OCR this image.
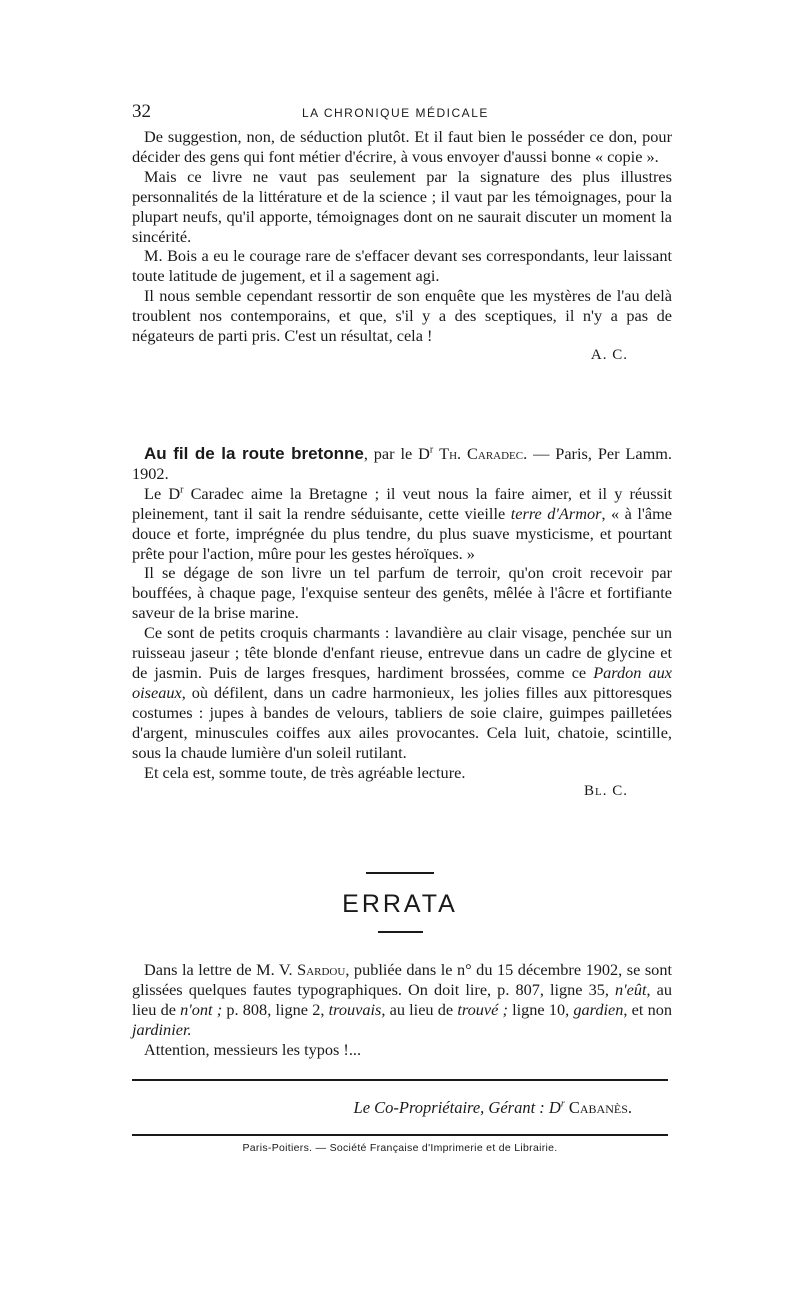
32	LA CHRONIQUE MÉDICALE

De suggestion, non, de séduction plutôt. Et il faut bien le posséder ce don, pour décider des gens qui font métier d'écrire, à vous envoyer d'aussi bonne « copie ».

Mais ce livre ne vaut pas seulement par la signature des plus illustres personnalités de la littérature et de la science ; il vaut par les témoignages, pour la plupart neufs, qu'il apporte, témoignages dont on ne saurait discuter un moment la sincérité.

M. Bois a eu le courage rare de s'effacer devant ses correspondants, leur laissant toute latitude de jugement, et il a sagement agi.

Il nous semble cependant ressortir de son enquête que les mystères de l'au delà troublent nos contemporains, et que, s'il y a des sceptiques, il n'y a pas de négateurs de parti pris. C'est un résultat, cela !

A. C.

Au fil de la route bretonne, par le $D^r$ Th. Caradec. — Paris, Per Lamm. 1902.

Le $D^r$ Caradec aime la Bretagne ; il veut nous la faire aimer, et il y réussit pleinement, tant il sait la rendre séduisante, cette vieille terre d'Armor, « à l'âme douce et forte, imprégnée du plus tendre, du plus suave mysticisme, et pourtant prête pour l'action, mûre pour les gestes héroïques. »

Il se dégage de son livre un tel parfum de terroir, qu'on croit recevoir par bouffées, à chaque page, l'exquise senteur des genêts, mêlée à l'âcre et fortifiante saveur de la brise marine.

Ce sont de petits croquis charmants : lavandière au clair visage, penchée sur un ruisseau jaseur ; tête blonde d'enfant rieuse, entrevue dans un cadre de glycine et de jasmin. Puis de larges fresques, hardiment brossées, comme ce Pardon aux oiseaux, où défilent, dans un cadre harmonieux, les jolies filles aux pittoresques costumes : jupes à bandes de velours, tabliers de soie claire, guimpes pailletées d'argent, minuscules coiffes aux ailes provocantes. Cela luit, chatoie, scintille, sous la chaude lumière d'un soleil rutilant.

Et cela est, somme toute, de très agréable lecture.

Bl. C.
ERRATA

Dans la lettre de M. V. Sardou, publiée dans le n° du 15 décembre 1902, se sont glissées quelques fautes typographiques. On doit lire, p. 807, ligne 35, n'eût, au lieu de n'ont ; p. 808, ligne 2, trouvais, au lieu de trouvé ; ligne 10, gardien, et non jardinier.

Attention, messieurs les typos !...

Le Co-Propriétaire, Gérant : $D^r$ Cabanès.
Paris-Poitiers. — Société Française d'Imprimerie et de Librairie.
